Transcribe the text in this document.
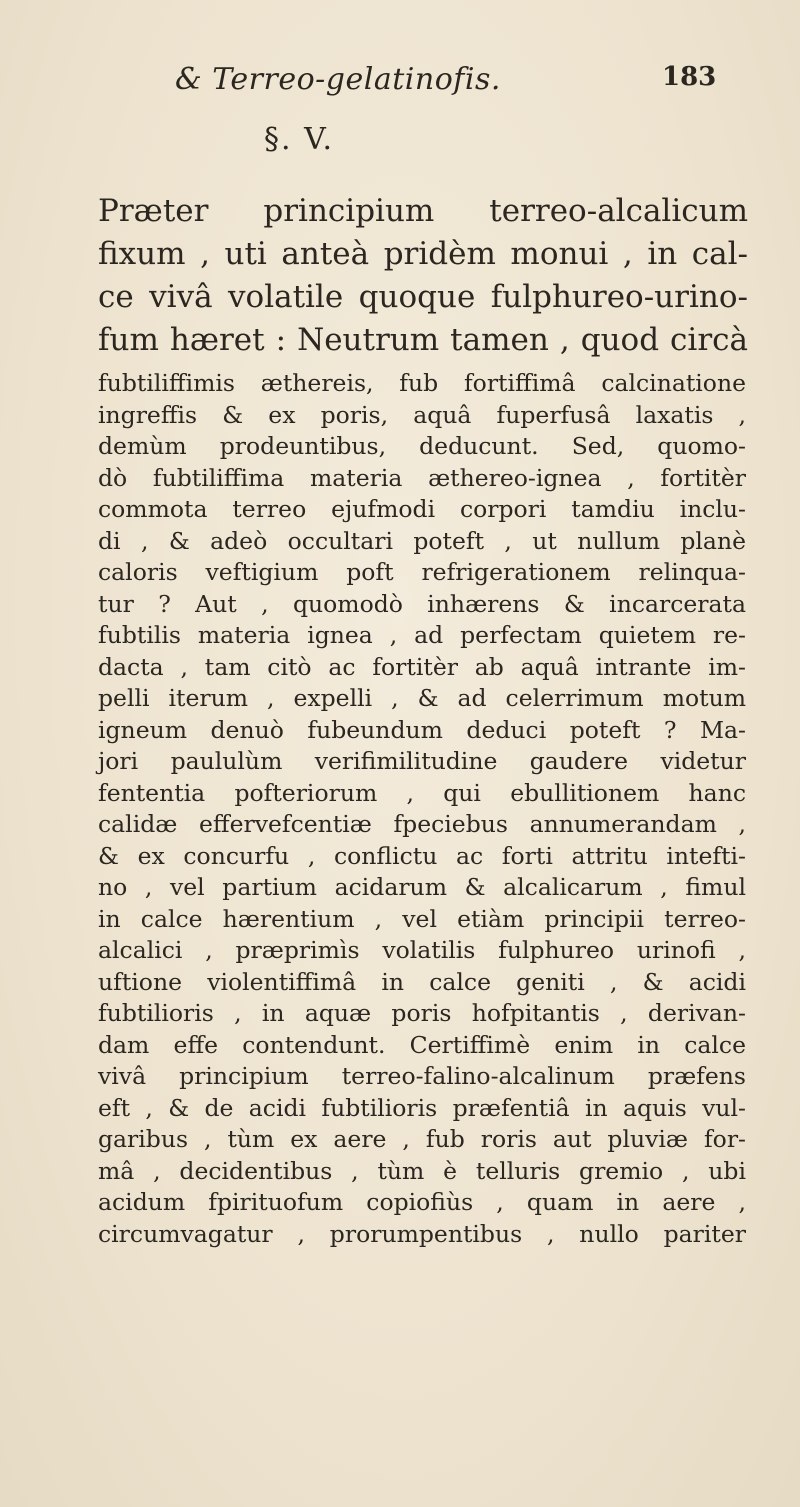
& Terreo-gelatinofis.	183
§. V.
Præter principium terreo-alcalicum
fixum , uti anteà pridèm monui , in cal-
ce vivâ volatile quoque fulphureo-urino-
fum hæret : Neutrum tamen , quod circà
fubtiliffimis æthereis, fub fortiffimâ calcinatione
ingreffis & ex poris, aquâ fuperfusâ laxatis ,
demùm prodeuntibus, deducunt. Sed, quomo-
dò fubtiliffima materia æthereo-ignea , fortitèr
commota terreo ejufmodi corpori tamdiu inclu-
di , & adeò occultari poteft , ut nullum planè
caloris veftigium poft refrigerationem relinqua-
tur ? Aut , quomodò inhærens & incarcerata
fubtilis materia ignea , ad perfectam quietem re-
dacta , tam citò ac fortitèr ab aquâ intrante im-
pelli iterum , expelli , & ad celerrimum motum
igneum denuò fubeundum deduci poteft ? Ma-
jori paululùm verifimilitudine gaudere videtur
fententia pofteriorum , qui ebullitionem hanc
calidæ effervefcentiæ fpeciebus annumerandam ,
& ex concurfu , conflictu ac forti attritu intefti-
no , vel partium acidarum & alcalicarum , fimul
in calce hærentium , vel etiàm principii terreo-
alcalici , præprimìs volatilis fulphureo urinofi ,
uftione violentiffimâ in calce geniti , & acidi
fubtilioris , in aquæ poris hofpitantis , derivan-
dam effe contendunt. Certiffimè enim in calce
vivâ principium terreo-falino-alcalinum præfens
eft , & de acidi fubtilioris præfentiâ in aquis vul-
garibus , tùm ex aere , fub roris aut pluviæ for-
mâ , decidentibus , tùm è telluris gremio , ubi
acidum fpirituofum copiofiùs , quam in aere ,
circumvagatur , prorumpentibus , nullo pariter
